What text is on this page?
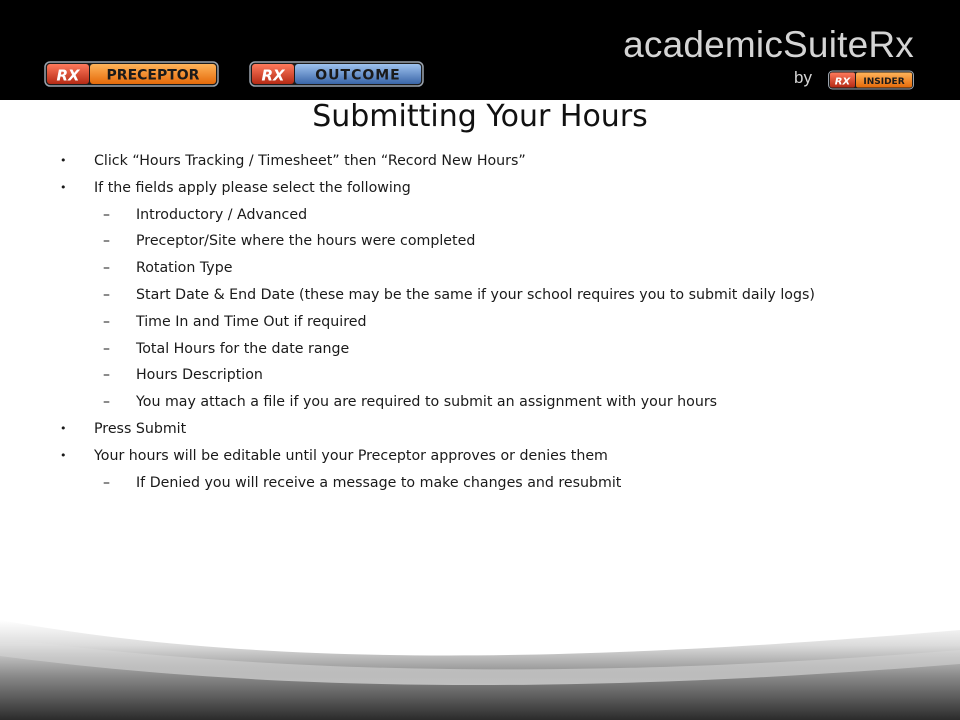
RX PRECEPTOR	RX OUTCOME
academicSuiteRx
by RX INSIDER
Submitting Your Hours
• Click “Hours Tracking / Timesheet” then “Record New Hours”
• If the fields apply please select the following
– Introductory / Advanced
– Preceptor/Site where the hours were completed
– Rotation Type
– Start Date & End Date (these may be the same if your school requires you to submit daily logs)
– Time In and Time Out if required
– Total Hours for the date range
– Hours Description
– You may attach a file if you are required to submit an assignment with your hours
• Press Submit
• Your hours will be editable until your Preceptor approves or denies them
– If Denied you will receive a message to make changes and resubmit
